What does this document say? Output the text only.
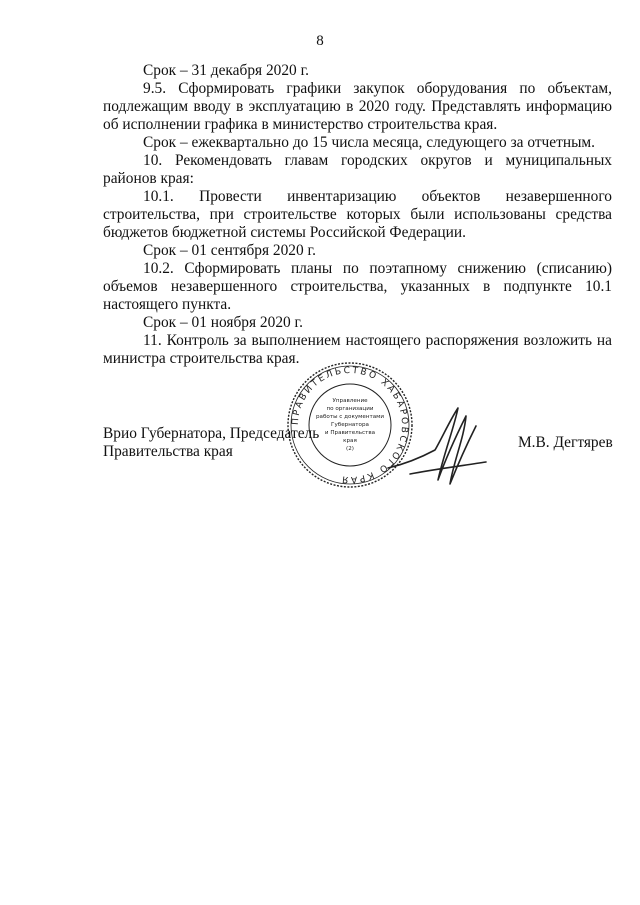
8

Срок – 31 декабря 2020 г.

9.5. Сформировать графики закупок оборудования по объектам, подлежащим вводу в эксплуатацию в 2020 году. Представлять информацию об исполнении графика в министерство строительства края.

Срок – ежеквартально до 15 числа месяца, следующего за отчетным.

10. Рекомендовать главам городских округов и муниципальных районов края:

10.1. Провести инвентаризацию объектов незавершенного строительства, при строительстве которых были использованы средства бюджетов бюджетной системы Российской Федерации.

Срок – 01 сентября 2020 г.

10.2. Сформировать планы по поэтапному снижению (списанию) объемов незавершенного строительства, указанных в подпункте 10.1 настоящего пункта.

Срок – 01 ноября 2020 г.

11. Контроль за выполнением настоящего распоряжения возложить на министра строительства края.

ПРАВИТЕЛЬСТВО ХАБАРОВСКОГО КРАЯ
Управление
по организации
работы с документами
Губернатора
и Правительства
края
(2)
Врио Губернатора, Председатель
Правительства края
М.В. Дегтярев
